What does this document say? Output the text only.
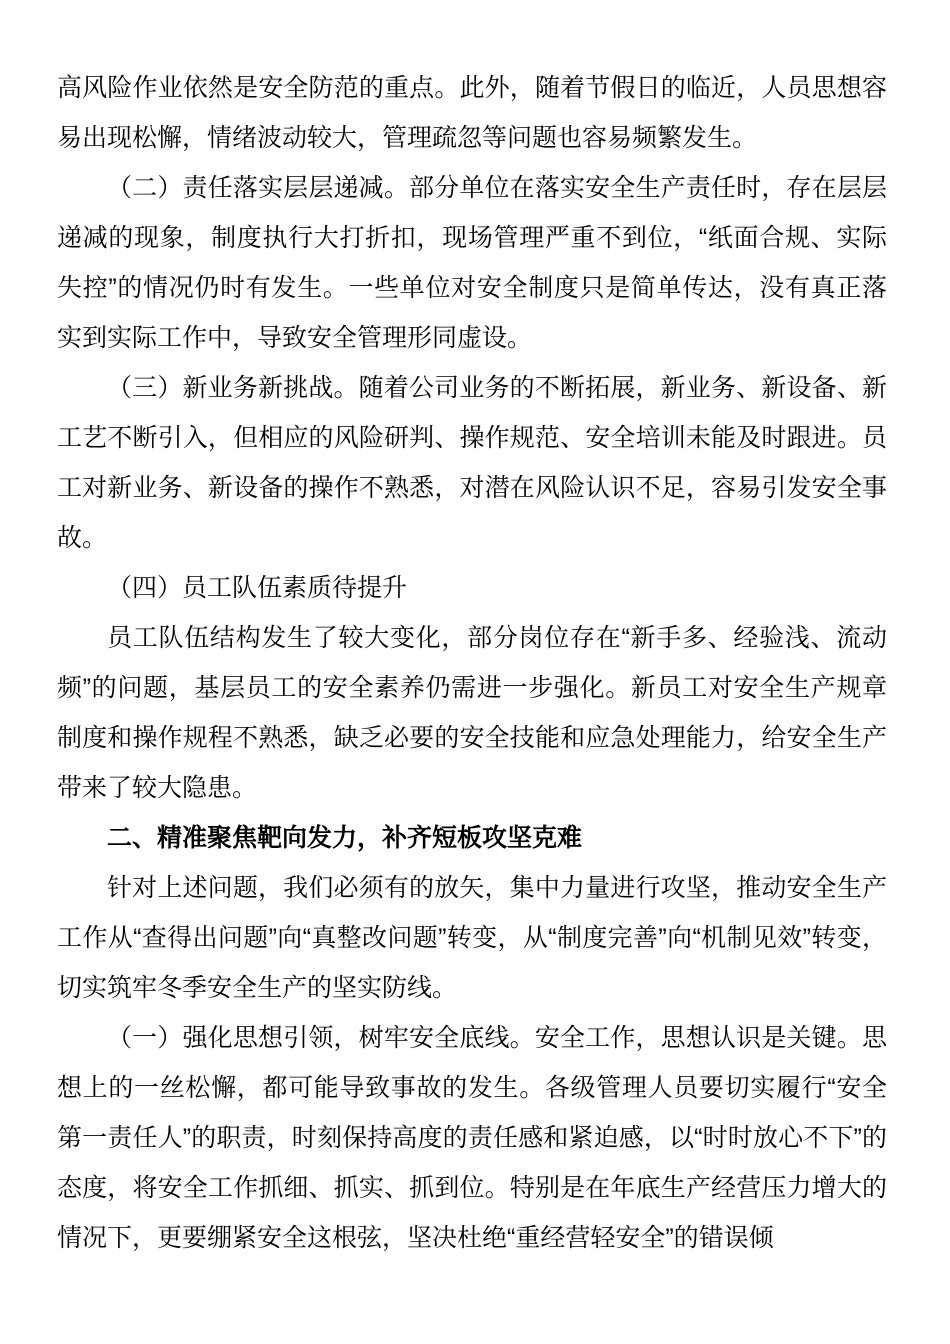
高风险作业依然是安全防范的重点。此外，随着节假日的临近，人员思想容易出现松懈，情绪波动较大，管理疏忽等问题也容易频繁发生。

（二）责任落实层层递减。部分单位在落实安全生产责任时，存在层层递减的现象，制度执行大打折扣，现场管理严重不到位，“纸面合规、实际失控”的情况仍时有发生。一些单位对安全制度只是简单传达，没有真正落实到实际工作中，导致安全管理形同虚设。

（三）新业务新挑战。随着公司业务的不断拓展，新业务、新设备、新工艺不断引入，但相应的风险研判、操作规范、安全培训未能及时跟进。员工对新业务、新设备的操作不熟悉，对潜在风险认识不足，容易引发安全事故。

（四）员工队伍素质待提升

员工队伍结构发生了较大变化，部分岗位存在“新手多、经验浅、流动频”的问题，基层员工的安全素养仍需进一步强化。新员工对安全生产规章制度和操作规程不熟悉，缺乏必要的安全技能和应急处理能力，给安全生产带来了较大隐患。

二、精准聚焦靶向发力，补齐短板攻坚克难

针对上述问题，我们必须有的放矢，集中力量进行攻坚，推动安全生产工作从“查得出问题”向“真整改问题”转变，从“制度完善”向“机制见效”转变，切实筑牢冬季安全生产的坚实防线。

（一）强化思想引领，树牢安全底线。安全工作，思想认识是关键。思想上的一丝松懈，都可能导致事故的发生。各级管理人员要切实履行“安全第一责任人”的职责，时刻保持高度的责任感和紧迫感，以“时时放心不下”的态度，将安全工作抓细、抓实、抓到位。特别是在年底生产经营压力增大的情况下，更要绷紧安全这根弦，坚决杜绝“重经营轻安全”的错误倾
